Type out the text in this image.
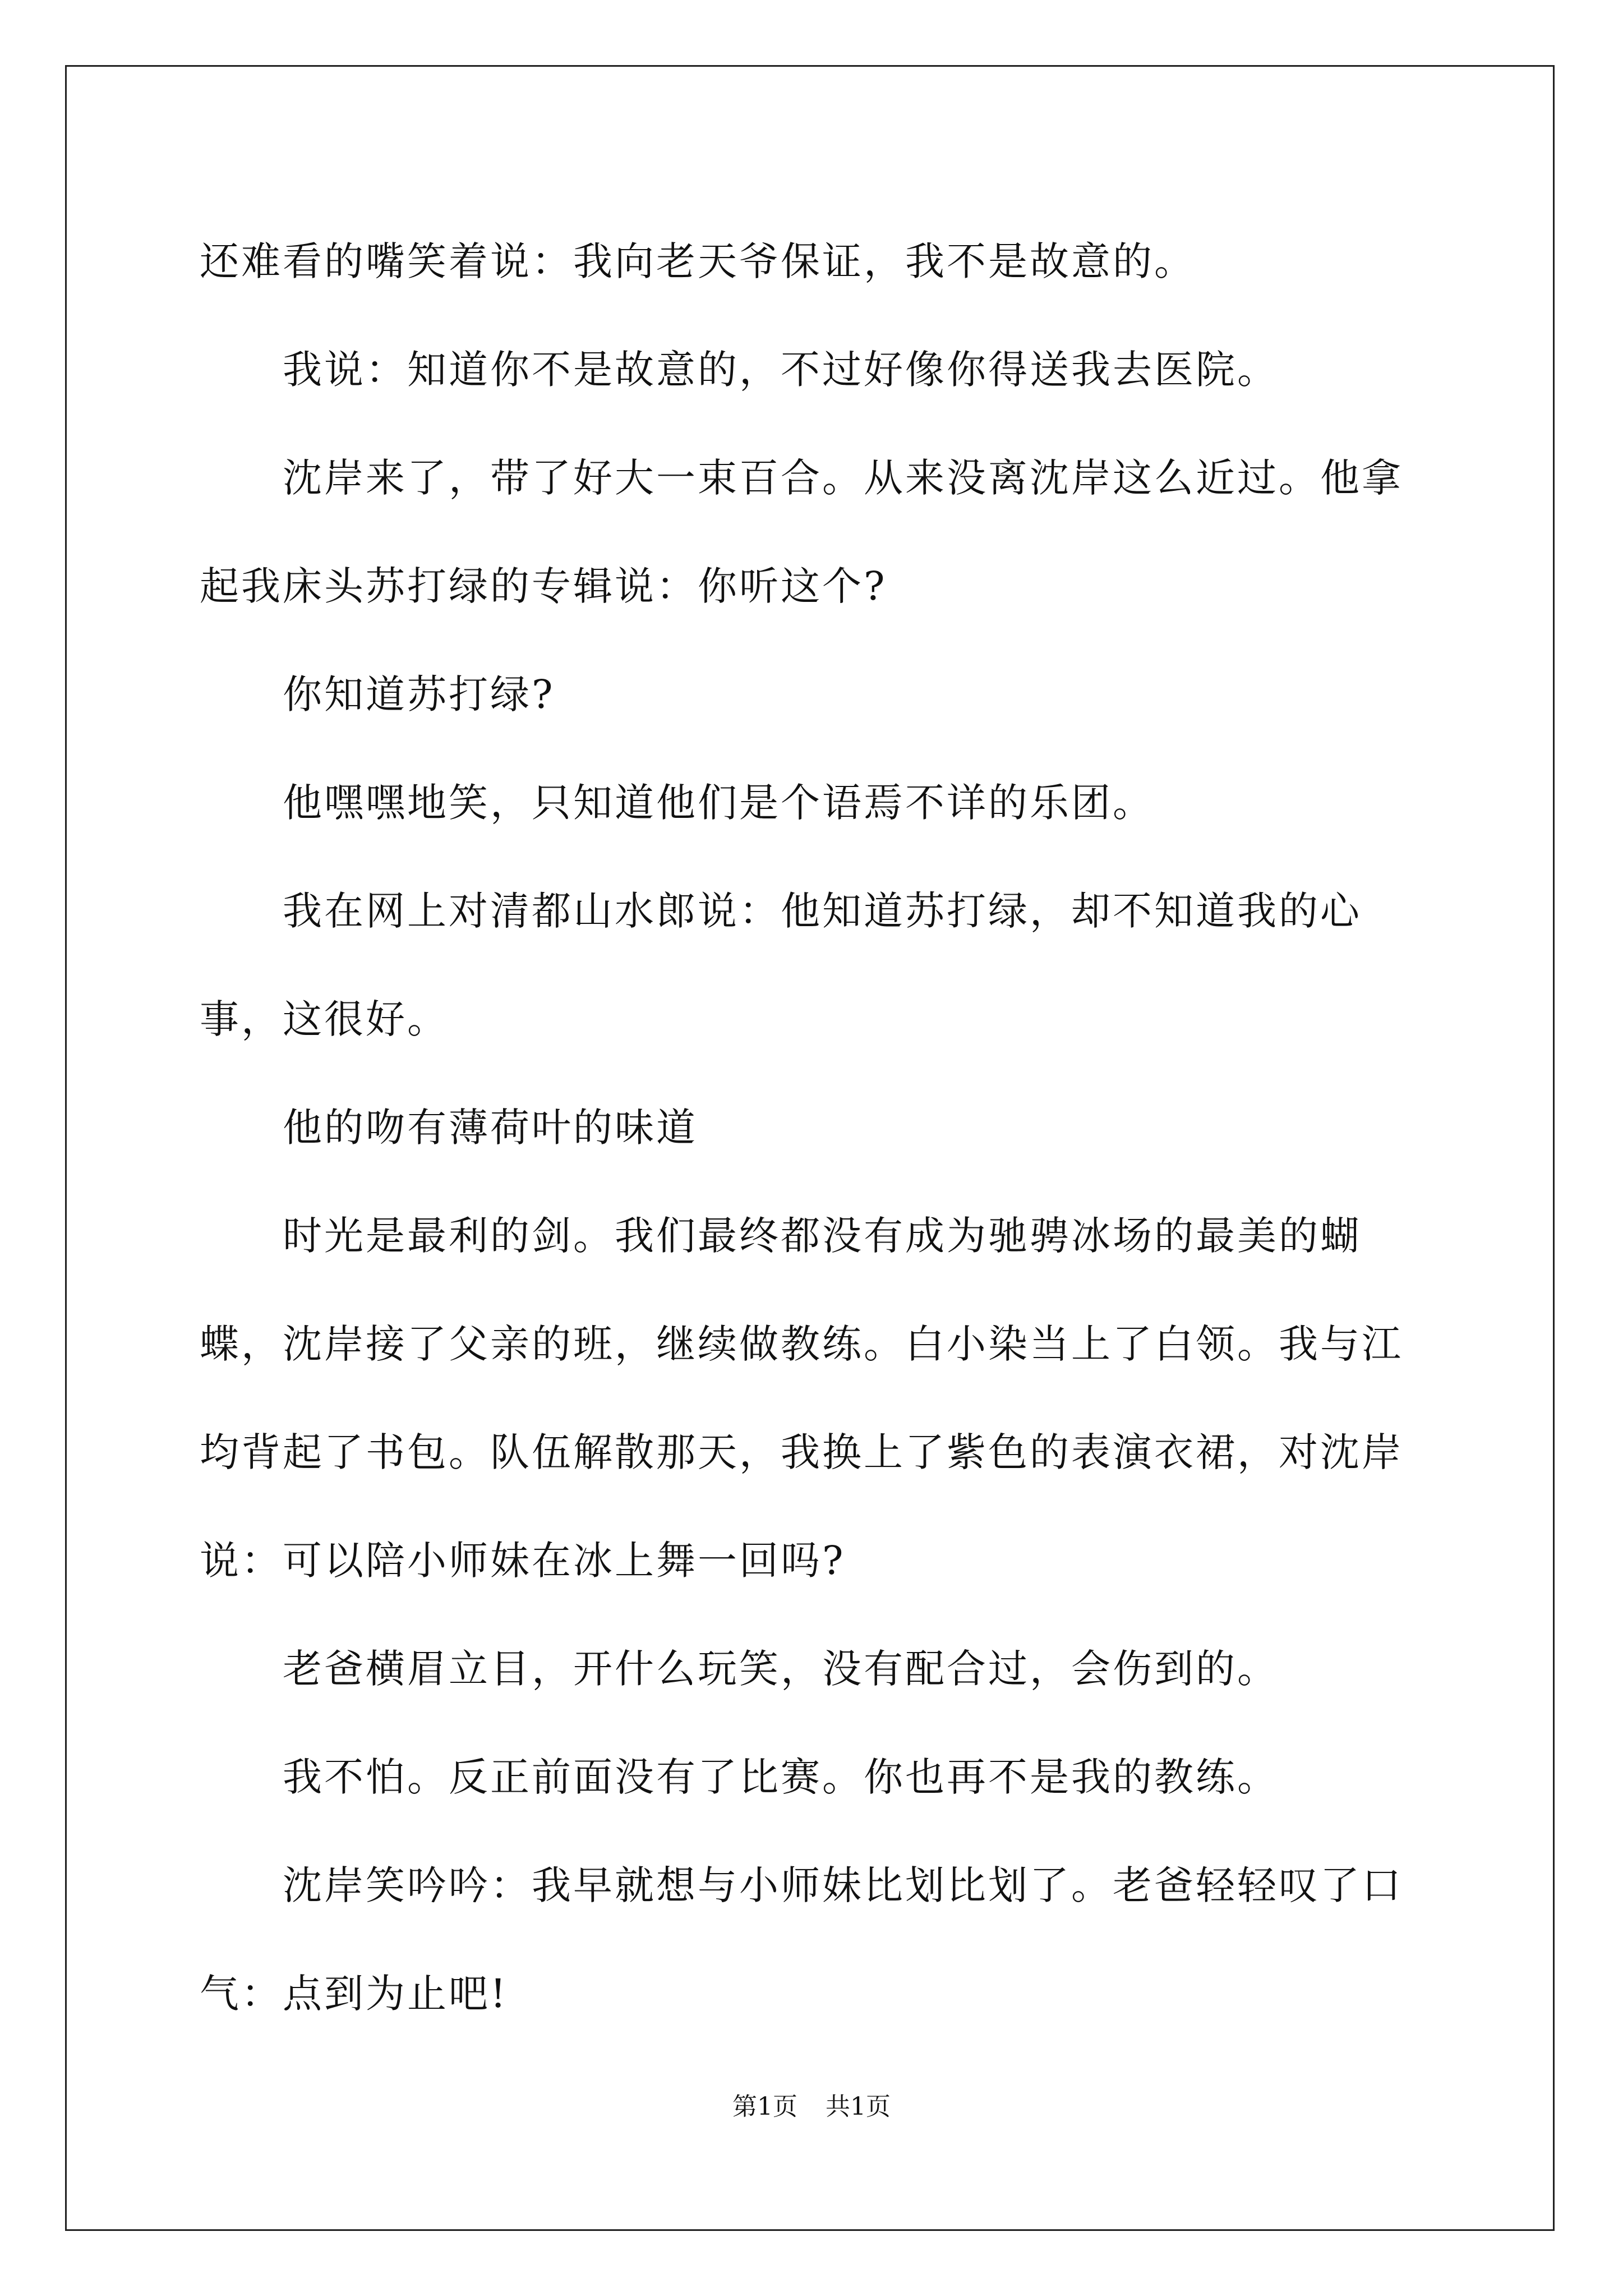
还难看的嘴笑着说：我向老天爷保证，我不是故意的。

我说：知道你不是故意的，不过好像你得送我去医院。

沈岸来了，带了好大一束百合。从来没离沈岸这么近过。他拿起我床头苏打绿的专辑说：你听这个?

你知道苏打绿?

他嘿嘿地笑，只知道他们是个语焉不详的乐团。

我在网上对清都山水郎说：他知道苏打绿，却不知道我的心事，这很好。

他的吻有薄荷叶的味道

时光是最利的剑。我们最终都没有成为驰骋冰场的最美的蝴蝶，沈岸接了父亲的班，继续做教练。白小染当上了白领。我与江均背起了书包。队伍解散那天，我换上了紫色的表演衣裙，对沈岸说：可以陪小师妹在冰上舞一回吗?

老爸横眉立目，开什么玩笑，没有配合过，会伤到的。

我不怕。反正前面没有了比赛。你也再不是我的教练。

沈岸笑吟吟：我早就想与小师妹比划比划了。老爸轻轻叹了口气：点到为止吧!

第1页 共1页
